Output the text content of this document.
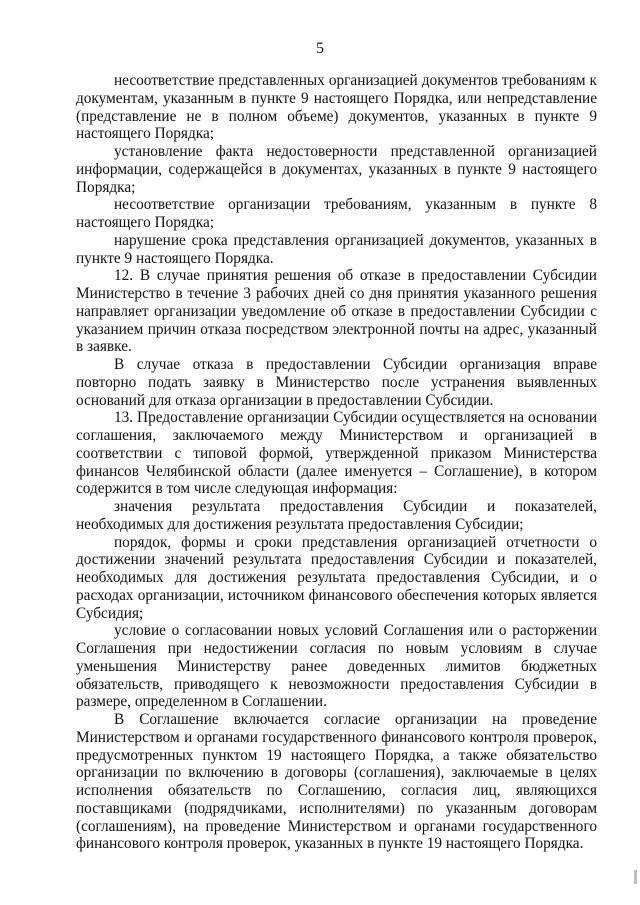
5

несоответствие представленных организацией документов требованиям к документам, указанным в пункте 9 настоящего Порядка, или непредставление (представление не в полном объеме) документов, указанных в пункте 9 настоящего Порядка;

установление факта недостоверности представленной организацией информации, содержащейся в документах, указанных в пункте 9 настоящего Порядка;

несоответствие организации требованиям, указанным в пункте 8 настоящего Порядка;

нарушение срока представления организацией документов, указанных в пункте 9 настоящего Порядка.

12. В случае принятия решения об отказе в предоставлении Субсидии Министерство в течение 3 рабочих дней со дня принятия указанного решения направляет организации уведомление об отказе в предоставлении Субсидии с указанием причин отказа посредством электронной почты на адрес, указанный в заявке.

В случае отказа в предоставлении Субсидии организация вправе повторно подать заявку в Министерство после устранения выявленных оснований для отказа организации в предоставлении Субсидии.

13. Предоставление организации Субсидии осуществляется на основании соглашения, заключаемого между Министерством и организацией в соответствии с типовой формой, утвержденной приказом Министерства финансов Челябинской области (далее именуется – Соглашение), в котором содержится в том числе следующая информация:

значения результата предоставления Субсидии и показателей, необходимых для достижения результата предоставления Субсидии;

порядок, формы и сроки представления организацией отчетности о достижении значений результата предоставления Субсидии и показателей, необходимых для достижения результата предоставления Субсидии, и о расходах организации, источником финансового обеспечения которых является Субсидия;

условие о согласовании новых условий Соглашения или о расторжении Соглашения при недостижении согласия по новым условиям в случае уменьшения Министерству ранее доведенных лимитов бюджетных обязательств, приводящего к невозможности предоставления Субсидии в размере, определенном в Соглашении.

В Соглашение включается согласие организации на проведение Министерством и органами государственного финансового контроля проверок, предусмотренных пунктом 19 настоящего Порядка, а также обязательство организации по включению в договоры (соглашения), заключаемые в целях исполнения обязательств по Соглашению, согласия лиц, являющихся поставщиками (подрядчиками, исполнителями) по указанным договорам (соглашениям), на проведение Министерством и органами государственного финансового контроля проверок, указанных в пункте 19 настоящего Порядка.
